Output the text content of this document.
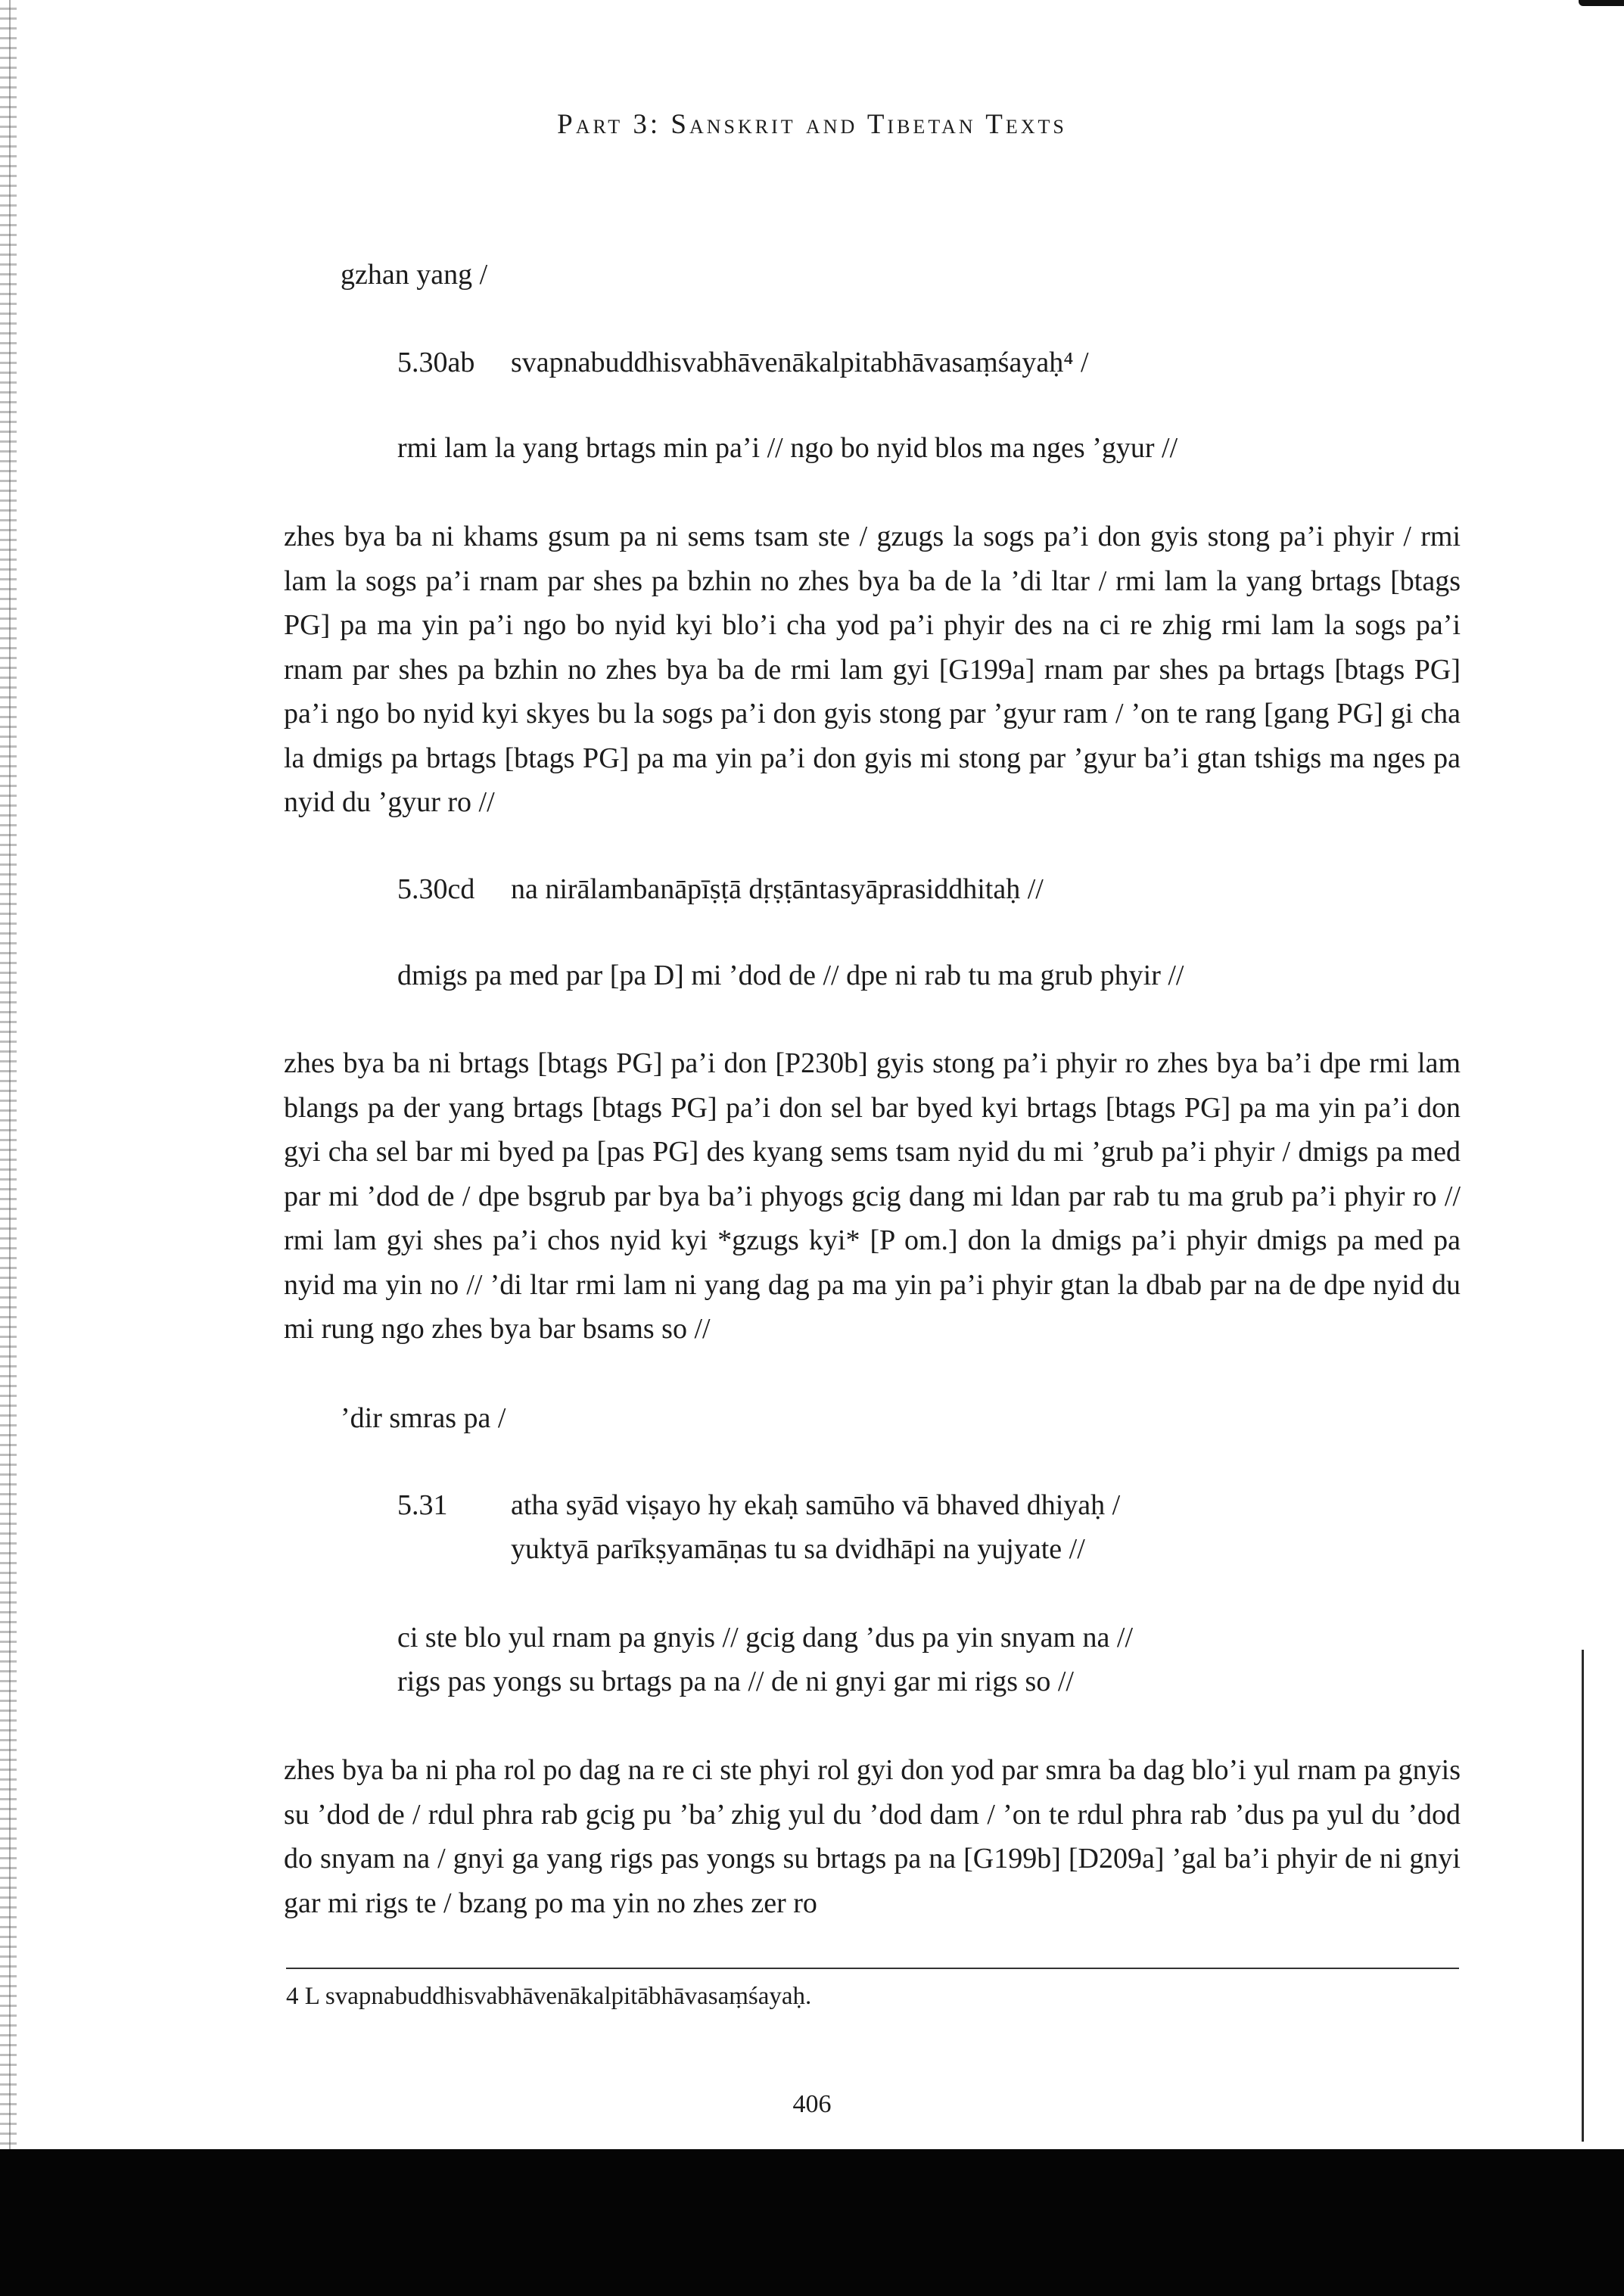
Part 3: Sanskrit and Tibetan Texts
gzhan yang /
5.30ab svapnabuddhisvabhāvenākalpitabhāvasaṃśayaḥ⁴ /
rmi lam la yang brtags min pa’i // ngo bo nyid blos ma nges ’gyur //
zhes bya ba ni khams gsum pa ni sems tsam ste / gzugs la sogs pa’i don gyis stong pa’i phyir / rmi lam la sogs pa’i rnam par shes pa bzhin no zhes bya ba de la ’di ltar / rmi lam la yang brtags [btags PG] pa ma yin pa’i ngo bo nyid kyi blo’i cha yod pa’i phyir des na ci re zhig rmi lam la sogs pa’i rnam par shes pa bzhin no zhes bya ba de rmi lam gyi [G199a] rnam par shes pa brtags [btags PG] pa’i ngo bo nyid kyi skyes bu la sogs pa’i don gyis stong par ’gyur ram / ’on te rang [gang PG] gi cha la dmigs pa brtags [btags PG] pa ma yin pa’i don gyis mi stong par ’gyur ba’i gtan tshigs ma nges pa nyid du ’gyur ro //
5.30cd na nirālambanāpīṣṭā dṛṣṭāntasyāprasiddhitaḥ //
dmigs pa med par [pa D] mi ’dod de // dpe ni rab tu ma grub phyir //
zhes bya ba ni brtags [btags PG] pa’i don [P230b] gyis stong pa’i phyir ro zhes bya ba’i dpe rmi lam blangs pa der yang brtags [btags PG] pa’i don sel bar byed kyi brtags [btags PG] pa ma yin pa’i don gyi cha sel bar mi byed pa [pas PG] des kyang sems tsam nyid du mi ’grub pa’i phyir / dmigs pa med par mi ’dod de / dpe bsgrub par bya ba’i phyogs gcig dang mi ldan par rab tu ma grub pa’i phyir ro // rmi lam gyi shes pa’i chos nyid kyi *gzugs kyi* [P om.] don la dmigs pa’i phyir dmigs pa med pa nyid ma yin no // ’di ltar rmi lam ni yang dag pa ma yin pa’i phyir gtan la dbab par na de dpe nyid du mi rung ngo zhes bya bar bsams so //
’dir smras pa /
5.31 atha syād viṣayo hy ekaḥ samūho vā bhaved dhiyaḥ /
yuktyā parīkṣyamāṇas tu sa dvidhāpi na yujyate //
ci ste blo yul rnam pa gnyis // gcig dang ’dus pa yin snyam na //
rigs pas yongs su brtags pa na // de ni gnyi gar mi rigs so //
zhes bya ba ni pha rol po dag na re ci ste phyi rol gyi don yod par smra ba dag blo’i yul rnam pa gnyis su ’dod de / rdul phra rab gcig pu ’ba’ zhig yul du ’dod dam / ’on te rdul phra rab ’dus pa yul du ’dod do snyam na / gnyi ga yang rigs pas yongs su brtags pa na [G199b] [D209a] ’gal ba’i phyir de ni gnyi gar mi rigs te / bzang po ma yin no zhes zer ro
4 L svapnabuddhisvabhāvenākalpitābhāvasaṃśayaḥ.
406
